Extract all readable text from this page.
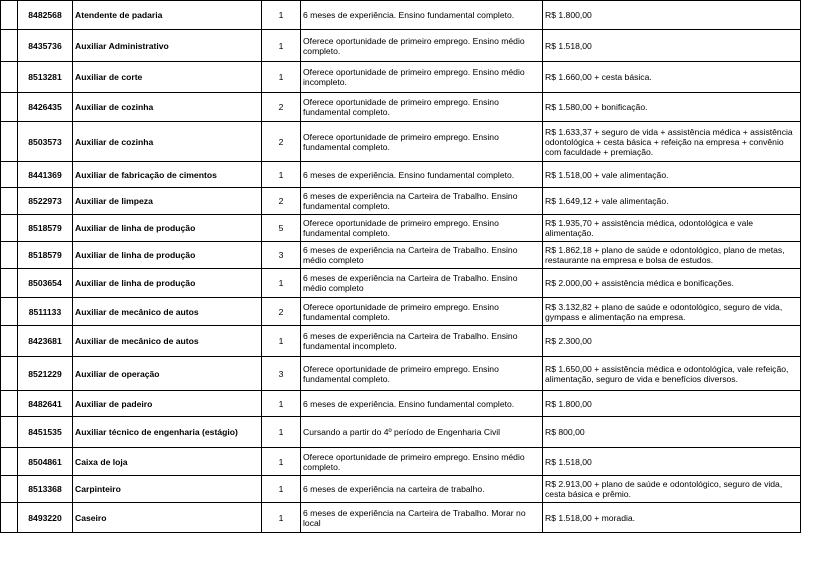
	8482568	Atendente de padaria	1	6 meses de experiência. Ensino fundamental completo.	R$ 1.800,00
	8435736	Auxiliar Administrativo	1	Oferece oportunidade de primeiro emprego. Ensino médio completo.	R$ 1.518,00
	8513281	Auxiliar de corte	1	Oferece oportunidade de primeiro emprego. Ensino médio incompleto.	R$ 1.660,00 + cesta básica.
	8426435	Auxiliar de cozinha	2	Oferece oportunidade de primeiro emprego. Ensino fundamental completo.	R$ 1.580,00 + bonificação.
	8503573	Auxiliar de cozinha	2	Oferece oportunidade de primeiro emprego. Ensino fundamental completo.	R$ 1.633,37 + seguro de vida + assistência médica + assistência odontológica + cesta básica + refeição na empresa + convênio com faculdade + premiação.
	8441369	Auxiliar de fabricação de cimentos	1	6 meses de experiência. Ensino fundamental completo.	R$ 1.518,00 + vale alimentação.
	8522973	Auxiliar de limpeza	2	6 meses de experiência na Carteira de Trabalho. Ensino fundamental completo.	R$ 1.649,12 + vale alimentação.
	8518579	Auxiliar de linha de produção	5	Oferece oportunidade de primeiro emprego. Ensino fundamental completo.	R$ 1.935,70 + assistência médica, odontológica e vale alimentação.
	8518579	Auxiliar de linha de produção	3	6 meses de experiência na Carteira de Trabalho. Ensino médio completo	R$ 1.862,18 + plano de saúde e odontológico, plano de metas, restaurante na empresa e bolsa de estudos.
	8503654	Auxiliar de linha de produção	1	6 meses de experiência na Carteira de Trabalho. Ensino médio completo	R$ 2.000,00 + assistência médica e bonificações.
	8511133	Auxiliar de mecânico de autos	2	Oferece oportunidade de primeiro emprego. Ensino fundamental completo.	R$ 3.132,82 + plano de saúde e odontológico, seguro de vida, gympass e alimentação na empresa.
	8423681	Auxiliar de mecânico de autos	1	6 meses de experiência na Carteira de Trabalho. Ensino fundamental incompleto.	R$ 2.300,00
	8521229	Auxiliar de operação	3	Oferece oportunidade de primeiro emprego. Ensino fundamental completo.	R$ 1.650,00 + assistência médica e odontológica, vale refeição, alimentação, seguro de vida e benefícios diversos.
	8482641	Auxiliar de padeiro	1	6 meses de experiência. Ensino fundamental completo.	R$ 1.800,00
	8451535	Auxiliar técnico de engenharia (estágio)	1	Cursando a partir do 4º período de Engenharia Civil	R$ 800,00
	8504861	Caixa de loja	1	Oferece oportunidade de primeiro emprego. Ensino médio completo.	R$ 1.518,00
	8513368	Carpinteiro	1	6 meses de experiência na carteira de trabalho.	R$ 2.913,00 + plano de saúde e odontológico, seguro de vida, cesta básica e prêmio.
	8493220	Caseiro	1	6 meses de experiência na Carteira de Trabalho. Morar no local	R$ 1.518,00 + moradia.
